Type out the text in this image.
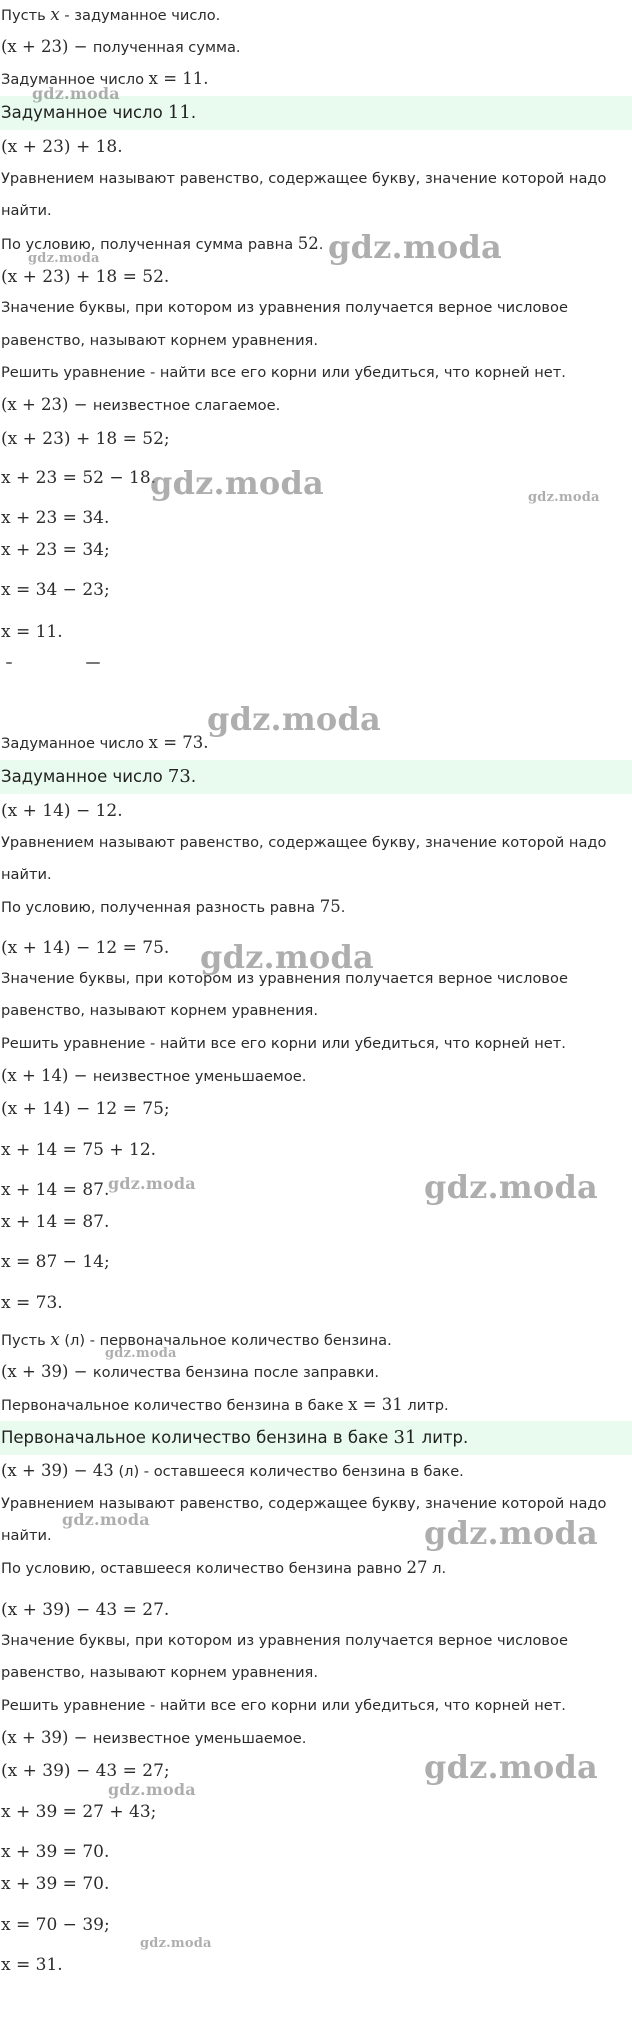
Пусть x - задуманное число.
(x + 23) − полученная сумма.
Задуманное число x = 11.
Задуманное число 11.
(x + 23) + 18.
Уравнением называют равенство, содержащее букву, значение которой надо
найти.
По условию, полученная сумма равна 52.
(x + 23) + 18 = 52.
Значение буквы, при котором из уравнения получается верное числовое
равенство, называют корнем уравнения.
Решить уравнение - найти все его корни или убедиться, что корней нет.
(x + 23) − неизвестное слагаемое.
(x + 23) + 18 = 52;
x + 23 = 52 − 18.
x + 23 = 34.
x + 23 = 34;
x = 34 − 23;
x = 11.
Задуманное число x = 73.
Задуманное число 73.
(x + 14) − 12.
Уравнением называют равенство, содержащее букву, значение которой надо
найти.
По условию, полученная разность равна 75.
(x + 14) − 12 = 75.
Значение буквы, при котором из уравнения получается верное числовое
равенство, называют корнем уравнения.
Решить уравнение - найти все его корни или убедиться, что корней нет.
(x + 14) − неизвестное уменьшаемое.
(x + 14) − 12 = 75;
x + 14 = 75 + 12.
x + 14 = 87.
x + 14 = 87.
x = 87 − 14;
x = 73.
Пусть x (л) - первоначальное количество бензина.
(x + 39) − количества бензина после заправки.
Первоначальное количество бензина в баке x = 31 литр.
Первоначальное количество бензина в баке 31 литр.
(x + 39) − 43 (л) - оставшееся количество бензина в баке.
Уравнением называют равенство, содержащее букву, значение которой надо
найти.
По условию, оставшееся количество бензина равно 27 л.
(x + 39) − 43 = 27.
Значение буквы, при котором из уравнения получается верное числовое
равенство, называют корнем уравнения.
Решить уравнение - найти все его корни или убедиться, что корней нет.
(x + 39) − неизвестное уменьшаемое.
(x + 39) − 43 = 27;
x + 39 = 27 + 43;
x + 39 = 70.
x + 39 = 70.
x = 70 − 39;
x = 31.
gdz.moda
gdz.moda	gdz.moda
gdz.moda	gdz.moda
gdz.moda
gdz.moda
gdz.moda	gdz.moda
gdz.moda
gdz.moda	gdz.moda
gdz.moda
gdz.moda
gdz.moda
